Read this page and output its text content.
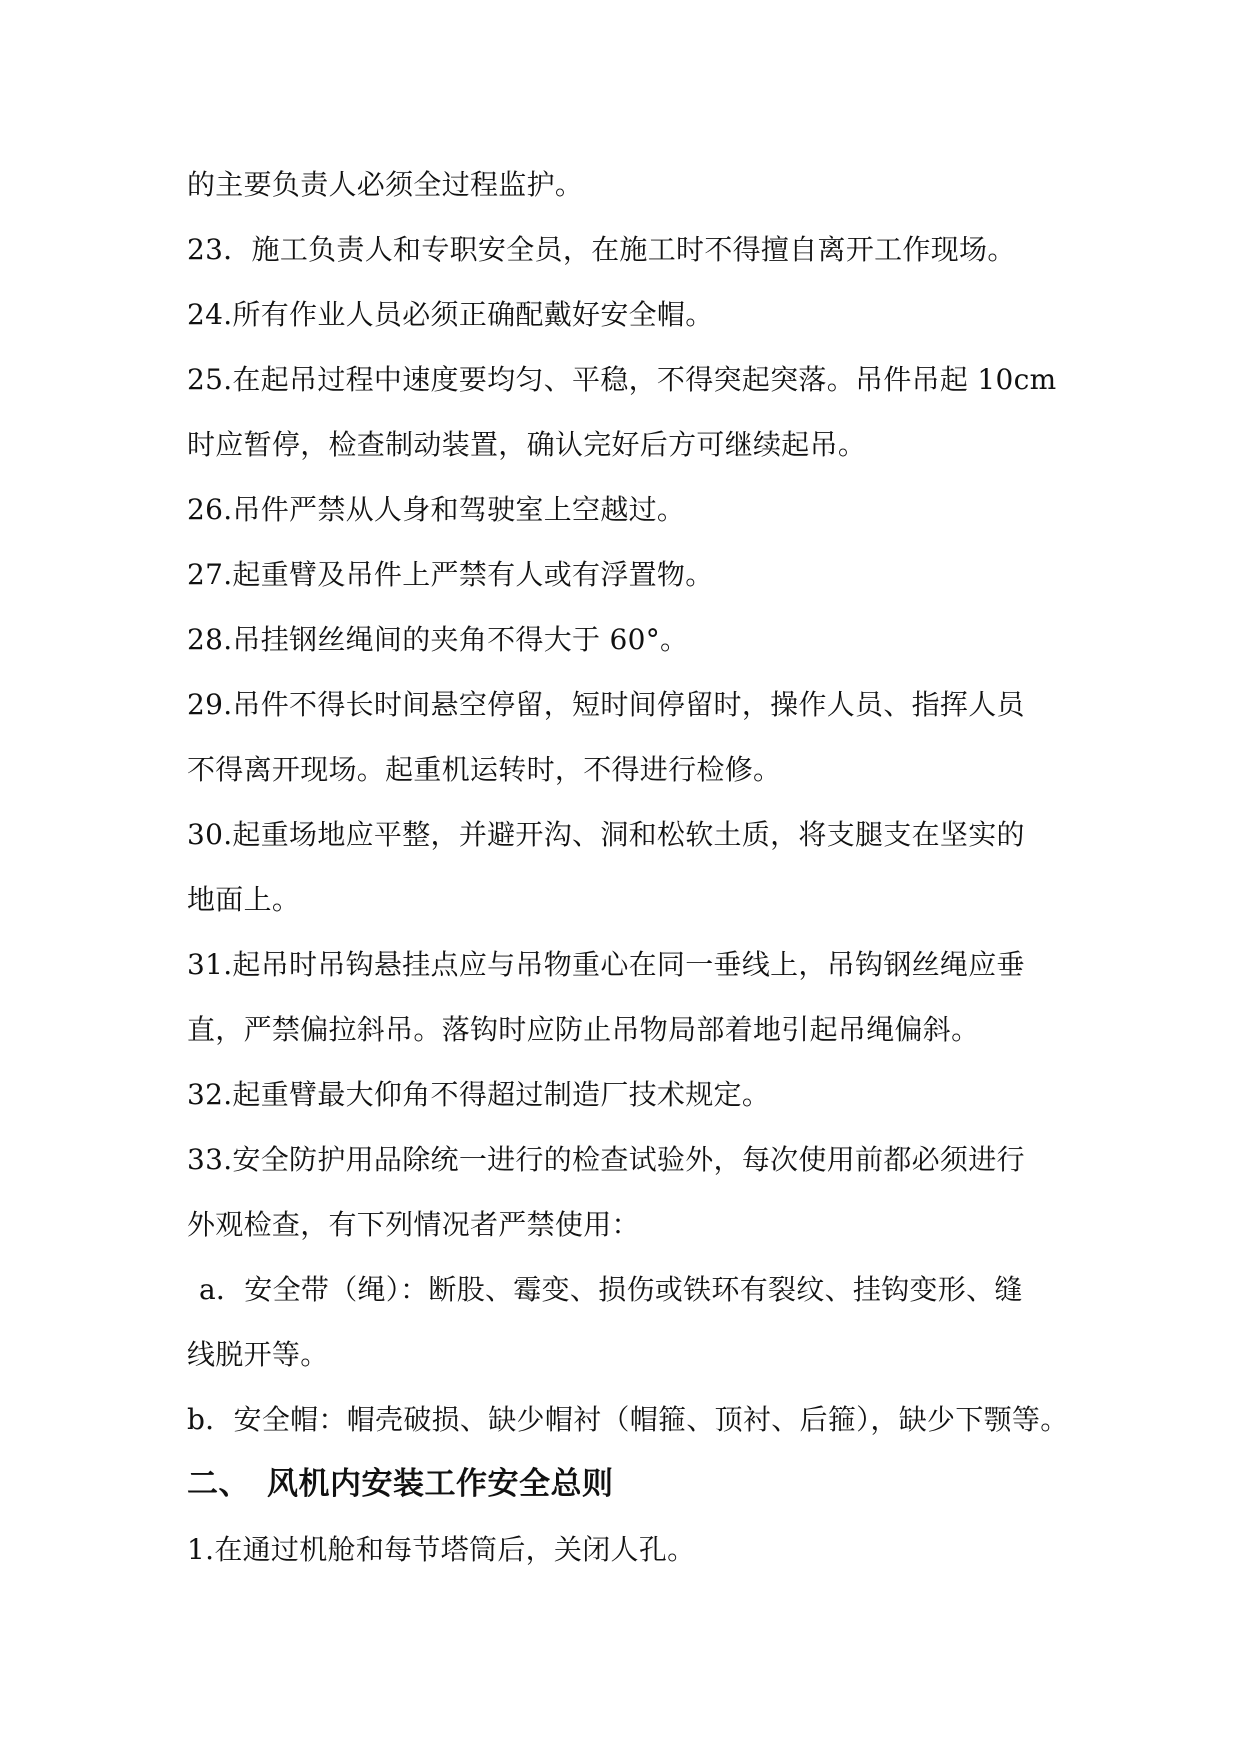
的主要负责人必须全过程监护。
23．施工负责人和专职安全员，在施工时不得擅自离开工作现场。
24.所有作业人员必须正确配戴好安全帽。
25.在起吊过程中速度要均匀、平稳，不得突起突落。吊件吊起 10cm
时应暂停，检查制动装置，确认完好后方可继续起吊。
26.吊件严禁从人身和驾驶室上空越过。
27.起重臂及吊件上严禁有人或有浮置物。
28.吊挂钢丝绳间的夹角不得大于 60°。
29.吊件不得长时间悬空停留，短时间停留时，操作人员、指挥人员
不得离开现场。起重机运转时，不得进行检修。
30.起重场地应平整，并避开沟、洞和松软土质，将支腿支在坚实的
地面上。
31.起吊时吊钩悬挂点应与吊物重心在同一垂线上，吊钩钢丝绳应垂
直，严禁偏拉斜吊。落钩时应防止吊物局部着地引起吊绳偏斜。
32.起重臂最大仰角不得超过制造厂技术规定。
33.安全防护用品除统一进行的检查试验外，每次使用前都必须进行
外观检查，有下列情况者严禁使用：
a．安全带（绳）：断股、霉变、损伤或铁环有裂纹、挂钩变形、缝
线脱开等。
b．安全帽：帽壳破损、缺少帽衬（帽箍、顶衬、后箍），缺少下颚等。
二、 风机内安装工作安全总则
1.在通过机舱和每节塔筒后，关闭人孔。
